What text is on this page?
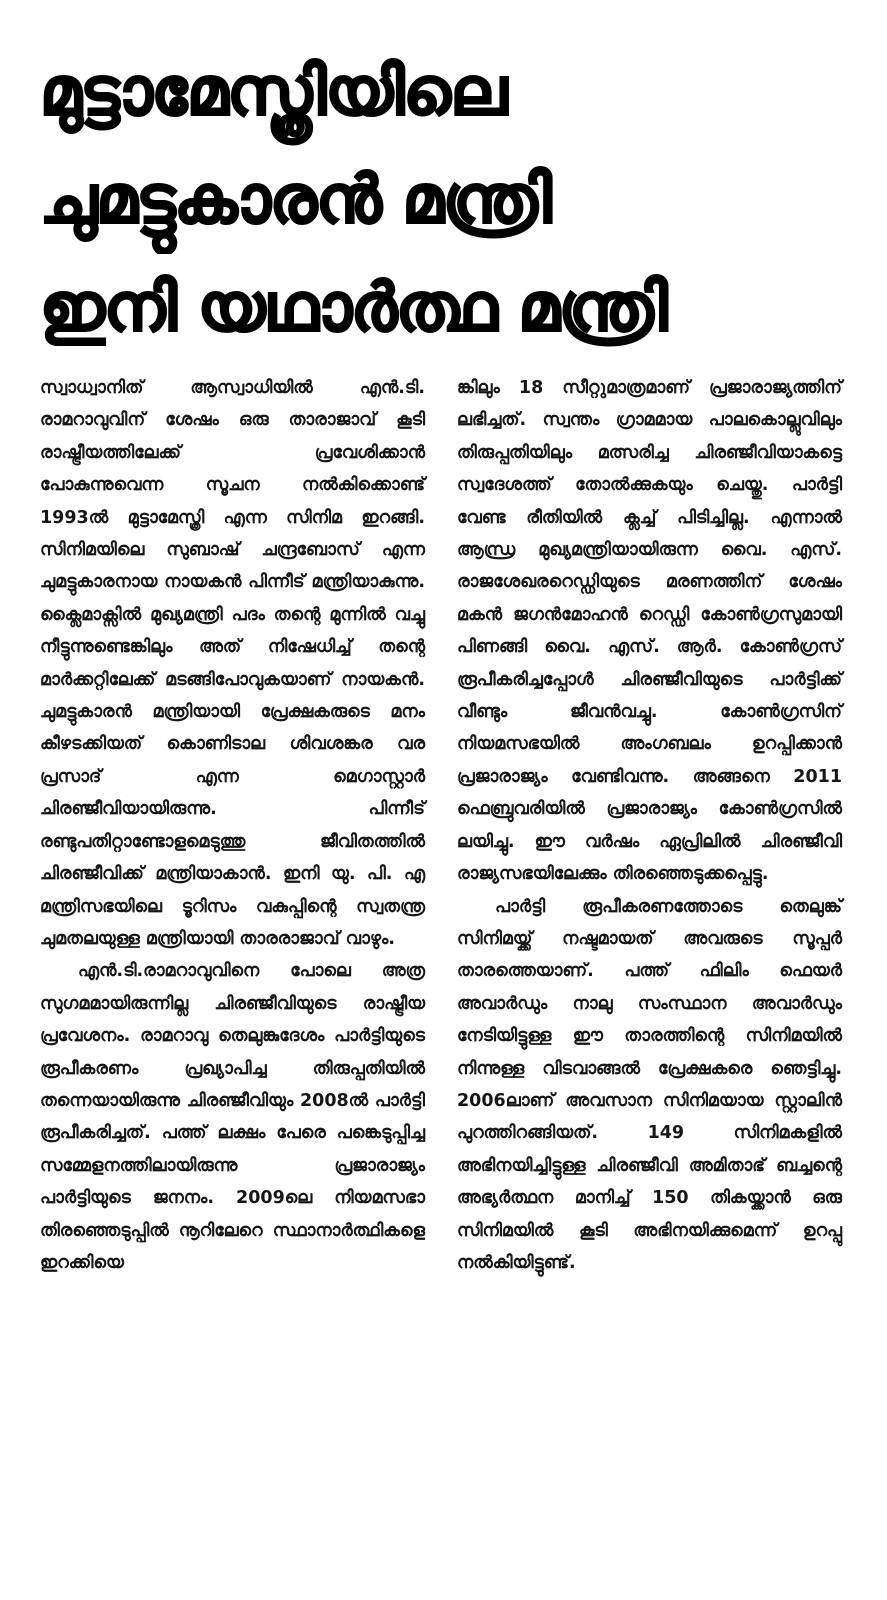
മുട്ടാമേസ്ത്രിയിലെ
ചുമട്ടുകാരൻ മന്ത്രി
ഇനി യഥാർത്ഥ മന്ത്രി

സ്വാധ്വാനിത് ആസ്വാധിയിൽ എൻ.ടി. രാമറാവുവിന് ശേഷം ഒരു താരാജാവ് കൂടി രാഷ്ട്രീയത്തിലേക്ക് പ്രവേശിക്കാൻ പോകുന്നുവെന്ന സൂചന നൽകിക്കൊണ്ട് 1993ൽ മുട്ടാമേസ്ത്രി എന്ന സിനിമ ഇറങ്ങി. സിനിമയിലെ സുബാഷ് ചന്ദ്രബോസ് എന്ന ചുമട്ടുകാരനായ നായകൻ പിന്നീട് മന്ത്രിയാകുന്നു. ക്ലൈമാക്സിൽ മുഖ്യമന്ത്രി പദം തന്റെ മുന്നിൽ വച്ചു നീട്ടുന്നുണ്ടെങ്കിലും അത് നിഷേധിച്ച് തന്റെ മാർക്കറ്റിലേക്ക് മടങ്ങിപോവുകയാണ് നായകൻ. ചുമട്ടുകാരൻ മന്ത്രിയായി പ്രേക്ഷകരുടെ മനം കീഴടക്കിയത് കൊണിടാല ശിവശങ്കര വര പ്രസാദ് എന്ന മെഗാസ്റ്റാർ ചിരഞ്ജീവിയായിരുന്നു. പിന്നീട് രണ്ടുപതിറ്റാണ്ടോളമെടുത്തു ജീവിതത്തിൽ ചിരഞ്ജീവിക്ക് മന്ത്രിയാകാൻ. ഇനി യു. പി. എ മന്ത്രിസഭയിലെ ടൂറിസം വകുപ്പിന്റെ സ്വതന്ത്ര ചുമതലയുള്ള മന്ത്രിയായി താരരാജാവ് വാഴും.

എൻ.ടി.രാമറാവുവിനെ പോലെ അത്ര സുഗമമായിരുന്നില്ല ചിരഞ്ജീവിയുടെ രാഷ്ട്രീയ പ്രവേശനം. രാമറാവു തെലുങ്കുദേശം പാർട്ടിയുടെ രൂപീകരണം പ്രഖ്യാപിച്ച തിരുപ്പതിയിൽ തന്നെയായിരുന്നു ചിരഞ്ജീവിയും 2008ൽ പാർട്ടി രൂപീകരിച്ചത്. പത്ത് ലക്ഷം പേരെ പങ്കെടുപ്പിച്ച സമ്മേളനത്തിലായിരുന്നു പ്രജാരാജ്യം പാർട്ടിയുടെ ജനനം. 2009ലെ നിയമസഭാ തിരഞ്ഞെടുപ്പിൽ നൂറിലേറെ സ്ഥാനാർത്ഥികളെ ഇറക്കിയെ

ങ്കിലും 18 സീറ്റുമാത്രമാണ് പ്രജാരാജ്യത്തിന് ലഭിച്ചത്. സ്വന്തം ഗ്രാമമായ പാലകൊല്ലുവിലും തിരുപ്പതിയിലും മത്സരിച്ച ചിരഞ്ജീവിയാകട്ടെ സ്വദേശത്ത് തോൽക്കുകയും ചെയ്തു. പാർട്ടി വേണ്ട രീതിയിൽ ക്ലച്ച് പിടിച്ചില്ല. എന്നാൽ ആന്ധ്ര മുഖ്യമന്ത്രിയായിരുന്ന വൈ. എസ്. രാജശേഖരറെഡ്ഡിയുടെ മരണത്തിന് ശേഷം മകൻ ജഗൻമോഹൻ റെഡ്ഡി കോൺഗ്രസുമായി പിണങ്ങി വൈ. എസ്. ആർ. കോൺഗ്രസ് രൂപീകരിച്ചപ്പോൾ ചിരഞ്ജീവിയുടെ പാർട്ടിക്ക് വീണ്ടും ജീവൻവച്ചു. കോൺഗ്രസിന് നിയമസഭയിൽ അംഗബലം ഉറപ്പിക്കാൻ പ്രജാരാജ്യം വേണ്ടിവന്നു. അങ്ങനെ 2011 ഫെബ്രുവരിയിൽ പ്രജാരാജ്യം കോൺഗ്രസിൽ ലയിച്ചു. ഈ വർഷം ഏപ്രിലിൽ ചിരഞ്ജീവി രാജ്യസഭയിലേക്കും തിരഞ്ഞെടുക്കപ്പെട്ടു.

പാർട്ടി രൂപീകരണത്തോടെ തെലുങ്ക് സിനിമയ്ക്ക് നഷ്ടമായത് അവരുടെ സൂപ്പർ താരത്തെയാണ്. പത്ത് ഫിലിം ഫെയർ അവാർഡും നാലു സംസ്ഥാന അവാർഡും നേടിയിട്ടുള്ള ഈ താരത്തിന്റെ സിനിമയിൽ നിന്നുള്ള വിടവാങ്ങൽ പ്രേക്ഷകരെ ഞെട്ടിച്ചു. 2006ലാണ് അവസാന സിനിമയായ സ്റ്റാലിൻ പുറത്തിറങ്ങിയത്. 149 സിനിമകളിൽ അഭിനയിച്ചിട്ടുള്ള ചിരഞ്ജീവി അമിതാഭ് ബച്ചന്റെ അഭ്യർത്ഥന മാനിച്ച് 150 തികയ്ക്കാൻ ഒരു സിനിമയിൽ കൂടി അഭിനയിക്കുമെന്ന് ഉറപ്പു നൽകിയിട്ടുണ്ട്.
